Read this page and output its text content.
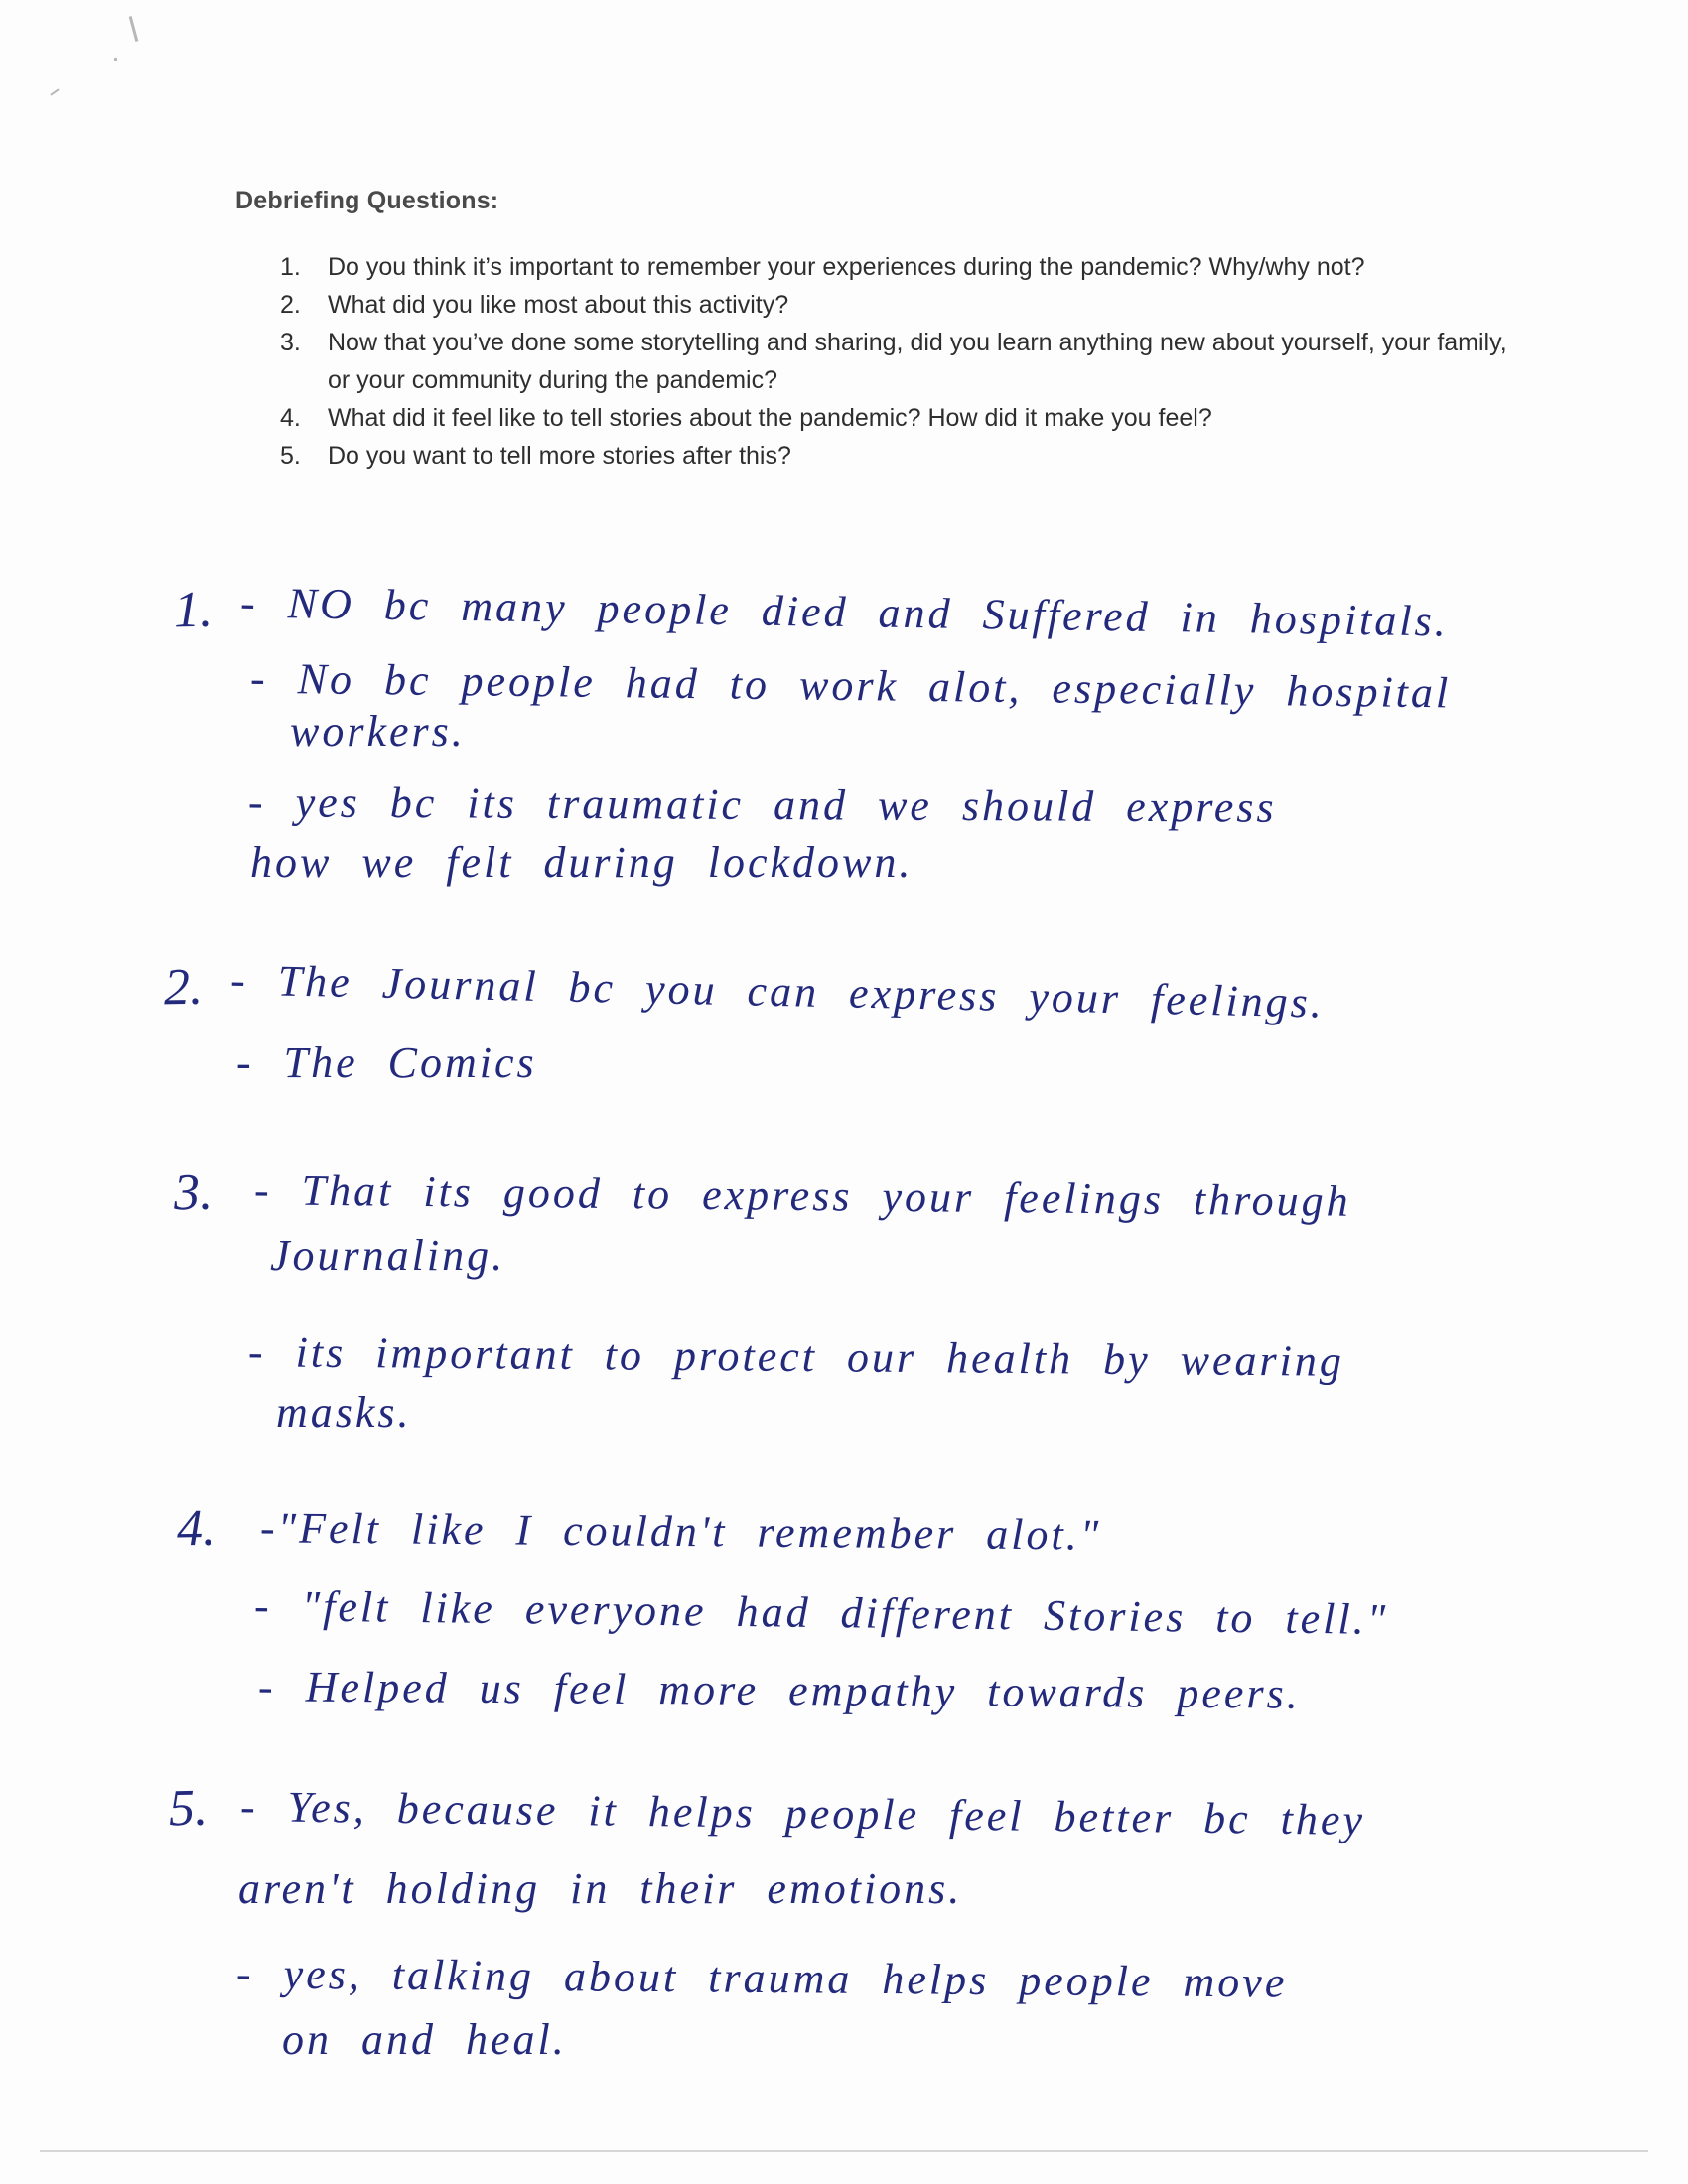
Debriefing Questions:
1. Do you think it’s important to remember your experiences during the pandemic? Why/why not?
2. What did you like most about this activity?
3. Now that you’ve done some storytelling and sharing, did you learn anything new about yourself, your family, or your community during the pandemic?
4. What did it feel like to tell stories about the pandemic? How did it make you feel?
5. Do you want to tell more stories after this?
1. - NO bc many people died and Suffered in hospitals.
- No bc people had to work alot, especially hospital
workers.
- yes bc its traumatic and we should express
how we felt during lockdown.
2. - The Journal bc you can express your feelings.
- The Comics
3. - That its good to express your feelings through
Journaling.
- its important to protect our health by wearing
masks.
4. -"Felt like I couldn't remember alot."
- "felt like everyone had different Stories to tell."
- Helped us feel more empathy towards peers.
5. - Yes, because it helps people feel better bc they
aren't holding in their emotions.
- yes, talking about trauma helps people move
on and heal.
